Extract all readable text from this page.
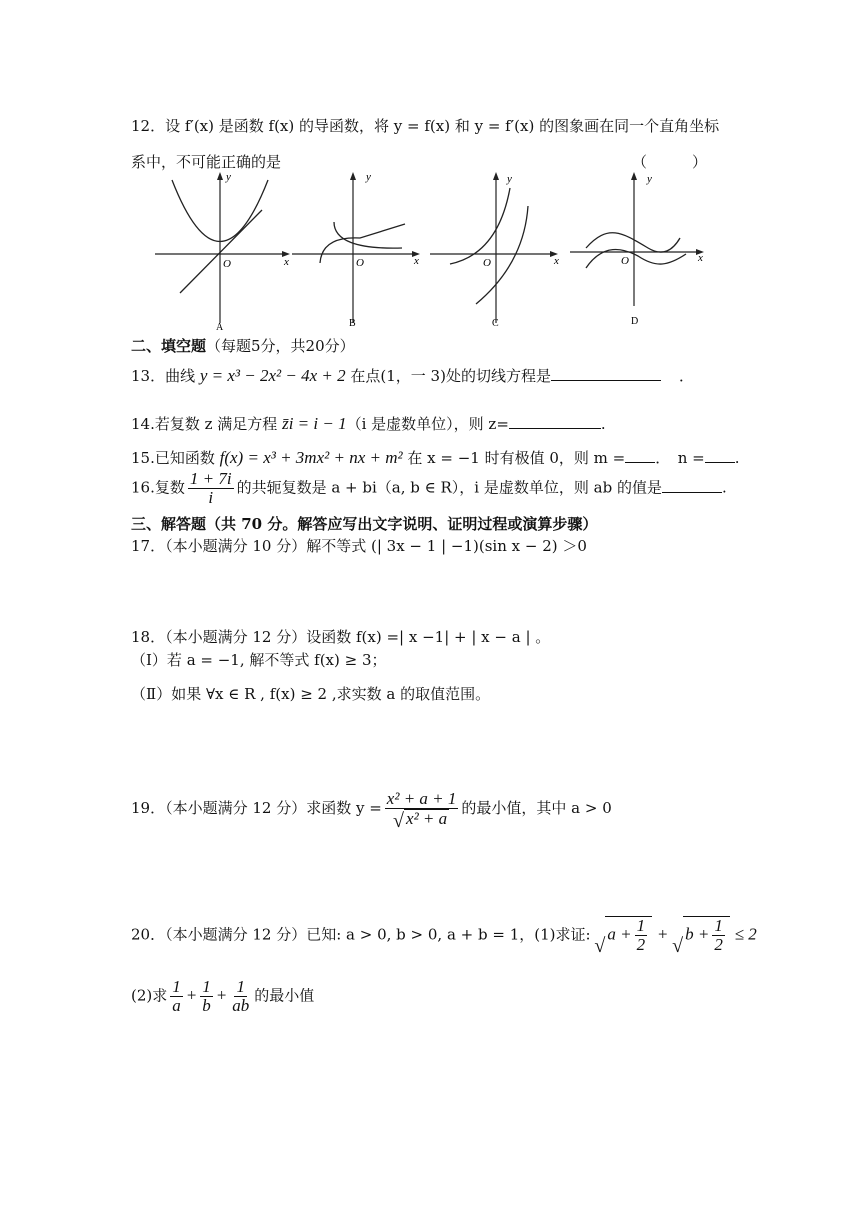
12．设 f′(x) 是函数 f(x) 的导函数，将 y = f(x) 和 y = f′(x) 的图象画在同一个直角坐标
系中，不可能正确的是	（　　　）
x
y
O
A
x
y
O
B
x
y
O
C
x
y
O
D
二、填空题（每题5分，共20分）
13．曲线 y = x³ − 2x² − 4x + 2 在点(1，一 3)处的切线方程是	．
14.若复数 z 满足方程 z̄i = i − 1（i 是虚数单位），则 z=	.
15.已知函数 f(x) = x³ + 3mx² + nx + m² 在 x = −1 时有极值 0，则 m = ．　n = .
16.复数 $\frac{1 + 7i}{i}$ 的共轭复数是 a + bi（a, b ∈ R），i 是虚数单位，则 ab 的值是	.
三、解答题（共 70 分。解答应写出文字说明、证明过程或演算步骤）
17．（本小题满分 10 分）解不等式 (| 3x − 1 | −1)(sin x − 2) ＞0
18．（本小题满分 12 分）设函数 f(x) =| x −1| + | x − a | 。
（Ⅰ）若 a = −1, 解不等式 f(x) ≥ 3；
（Ⅱ）如果 ∀x ∈ R , f(x) ≥ 2 ,求实数 a 的取值范围。
19．（本小题满分 12 分）求函数 y = x² + a + 1
√ x² + a 的最小值，其中 a > 0
20．（本小题满分 12 分）已知: a > 0, b > 0, a + b = 1，(1)求证: √ $a + \frac{1}{2}$ + √ $b + \frac{1}{2} \le 2$
(2)求 $\frac{1}{a} + \frac{1}{b} + \frac{1}{ab}$ 的最小值
